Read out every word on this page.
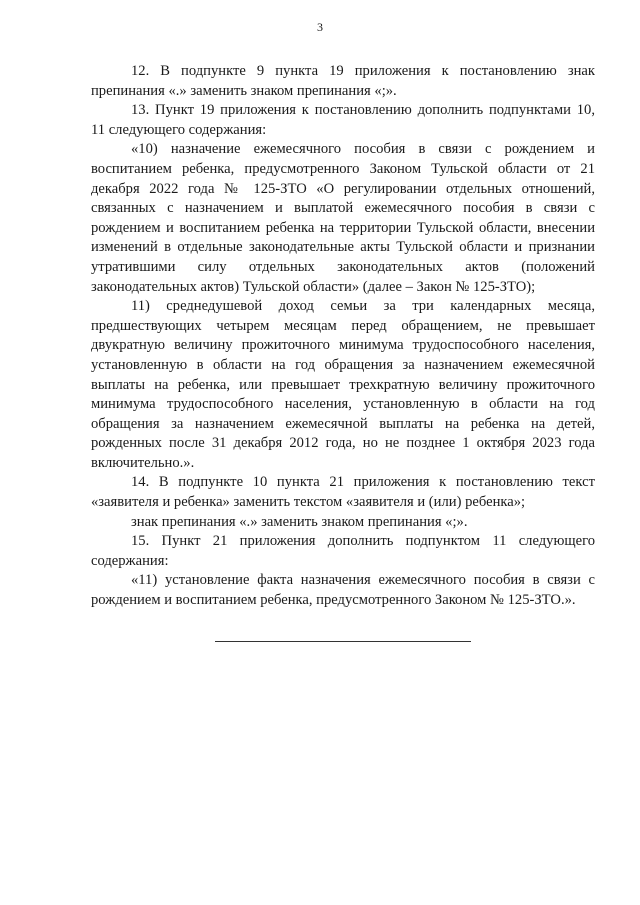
3

12. В подпункте 9 пункта 19 приложения к постановлению знак препинания «.» заменить знаком препинания «;».

13. Пункт 19 приложения к постановлению дополнить подпунктами 10, 11 следующего содержания:

«10) назначение ежемесячного пособия в связи с рождением и воспитанием ребенка, предусмотренного Законом Тульской области от 21 декабря 2022 года № 125-ЗТО «О регулировании отдельных отношений, связанных с назначением и выплатой ежемесячного пособия в связи с рождением и воспитанием ребенка на территории Тульской области, внесении изменений в отдельные законодательные акты Тульской области и признании утратившими силу отдельных законодательных актов (положений законодательных актов) Тульской области» (далее – Закон № 125-ЗТО);

11) среднедушевой доход семьи за три календарных месяца, предшествующих четырем месяцам перед обращением, не превышает двукратную величину прожиточного минимума трудоспособного населения, установленную в области на год обращения за назначением ежемесячной выплаты на ребенка, или превышает трехкратную величину прожиточного минимума трудоспособного населения, установленную в области на год обращения за назначением ежемесячной выплаты на ребенка на детей, рожденных после 31 декабря 2012 года, но не позднее 1 октября 2023 года включительно.».

14. В подпункте 10 пункта 21 приложения к постановлению текст «заявителя и ребенка» заменить текстом «заявителя и (или) ребенка»;

знак препинания «.» заменить знаком препинания «;».

15. Пункт 21 приложения дополнить подпунктом 11 следующего содержания:

«11) установление факта назначения ежемесячного пособия в связи с рождением и воспитанием ребенка, предусмотренного Законом № 125-ЗТО.».
